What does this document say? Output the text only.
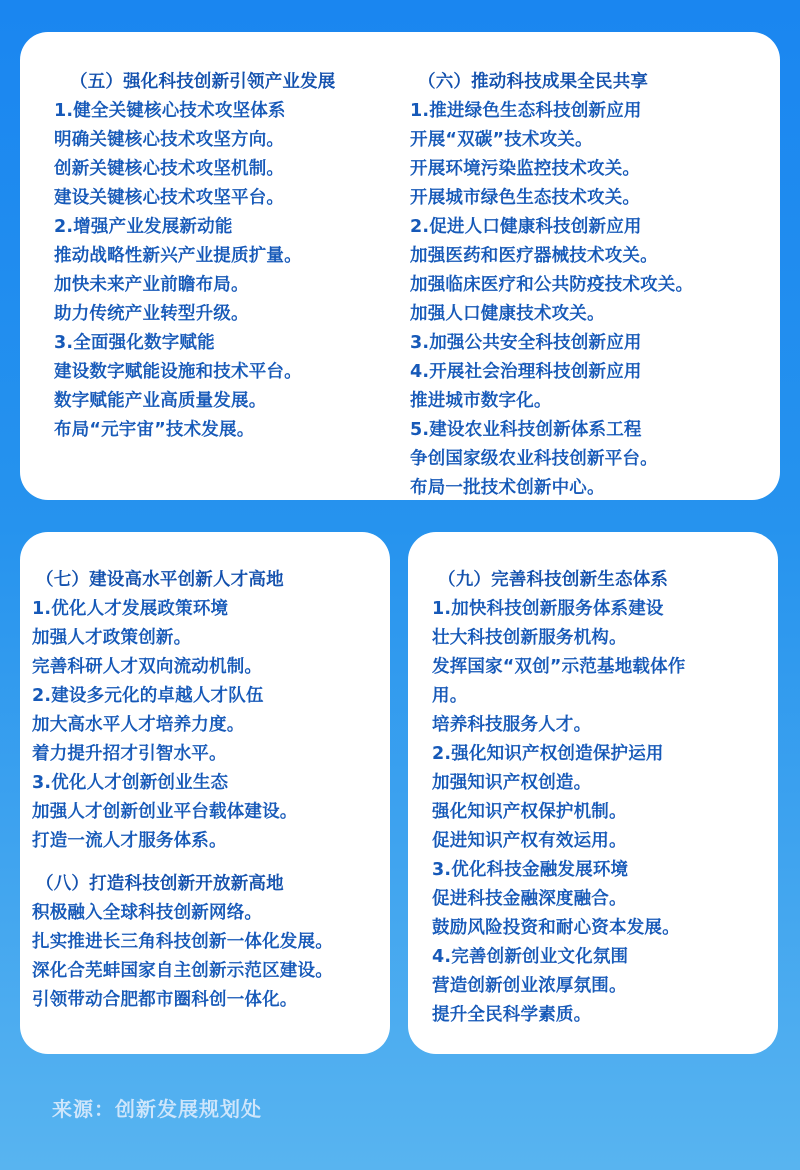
（五）强化科技创新引领产业发展
1.健全关键核心技术攻坚体系
明确关键核心技术攻坚方向。
创新关键核心技术攻坚机制。
建设关键核心技术攻坚平台。
2.增强产业发展新动能
推动战略性新兴产业提质扩量。
加快未来产业前瞻布局。
助力传统产业转型升级。
3.全面强化数字赋能
建设数字赋能设施和技术平台。
数字赋能产业高质量发展。
布局“元宇宙”技术发展。
（六）推动科技成果全民共享
1.推进绿色生态科技创新应用
开展“双碳”技术攻关。
开展环境污染监控技术攻关。
开展城市绿色生态技术攻关。
2.促进人口健康科技创新应用
加强医药和医疗器械技术攻关。
加强临床医疗和公共防疫技术攻关。
加强人口健康技术攻关。
3.加强公共安全科技创新应用
4.开展社会治理科技创新应用
推进城市数字化。
5.建设农业科技创新体系工程
争创国家级农业科技创新平台。
布局一批技术创新中心。
（七）建设高水平创新人才高地
1.优化人才发展政策环境
加强人才政策创新。
完善科研人才双向流动机制。
2.建设多元化的卓越人才队伍
加大高水平人才培养力度。
着力提升招才引智水平。
3.优化人才创新创业生态
加强人才创新创业平台载体建设。
打造一流人才服务体系。
（八）打造科技创新开放新高地
积极融入全球科技创新网络。
扎实推进长三角科技创新一体化发展。
深化合芜蚌国家自主创新示范区建设。
引领带动合肥都市圈科创一体化。
（九）完善科技创新生态体系
1.加快科技创新服务体系建设
壮大科技创新服务机构。
发挥国家“双创”示范基地载体作
用。
培养科技服务人才。
2.强化知识产权创造保护运用
加强知识产权创造。
强化知识产权保护机制。
促进知识产权有效运用。
3.优化科技金融发展环境
促进科技金融深度融合。
鼓励风险投资和耐心资本发展。
4.完善创新创业文化氛围
营造创新创业浓厚氛围。
提升全民科学素质。
来源：创新发展规划处
